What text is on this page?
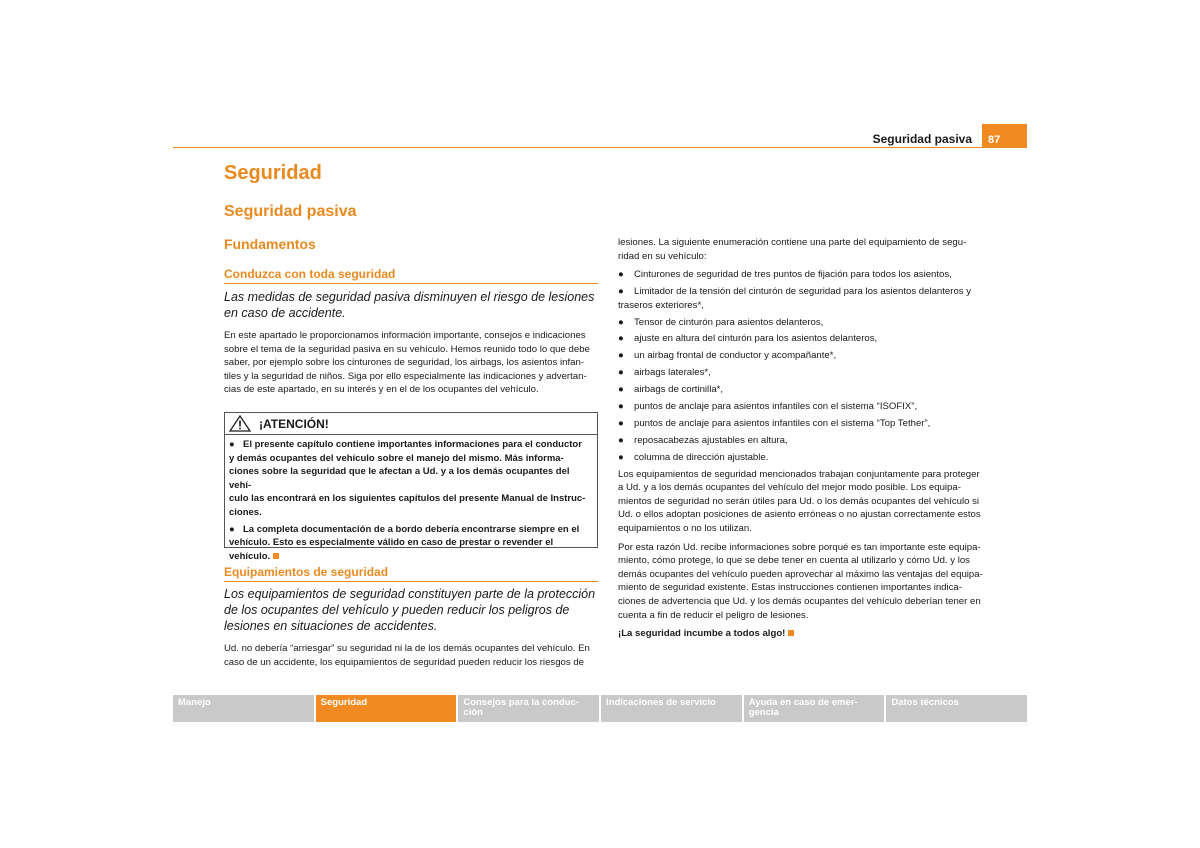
Seguridad pasiva	87
Seguridad
Seguridad pasiva
Fundamentos
Conduzca con toda seguridad
Las medidas de seguridad pasiva disminuyen el riesgo de lesiones en caso de accidente.
En este apartado le proporcionamos información importante, consejos e indicaciones
sobre el tema de la seguridad pasiva en su vehículo. Hemos reunido todo lo que debe
saber, por ejemplo sobre los cinturones de seguridad, los airbags, los asientos infan-
tiles y la seguridad de niños. Siga por ello especialmente las indicaciones y advertan-
cias de este apartado, en su interés y en el de los ocupantes del vehículo.
¡ATENCIÓN!

● El presente capítulo contiene importantes informaciones para el conductor
y demás ocupantes del vehículo sobre el manejo del mismo. Más informa-
ciones sobre la seguridad que le afectan a Ud. y a los demás ocupantes del vehí-
culo las encontrará en los siguientes capítulos del presente Manual de Instruc-
ciones.

● La completa documentación de a bordo debería encontrarse siempre en el
vehículo. Esto es especialmente válido en caso de prestar o revender el
vehículo.

Equipamientos de seguridad
Los equipamientos de seguridad constituyen parte de la protección de los ocupantes del vehículo y pueden reducir los peligros de lesiones en situaciones de accidentes.
Ud. no debería “arriesgar” su seguridad ni la de los demás ocupantes del vehículo. En
caso de un accidente, los equipamientos de seguridad pueden reducir los riesgos de

lesiones. La siguiente enumeración contiene una parte del equipamiento de segu-
ridad en su vehículo:

● Cinturones de seguridad de tres puntos de fijación para todos los asientos,
● Limitador de la tensión del cinturón de seguridad para los asientos delanteros y traseros exteriores*,
● Tensor de cinturón para asientos delanteros,
● ajuste en altura del cinturón para los asientos delanteros,
● un airbag frontal de conductor y acompañante*,
● airbags laterales*,
● airbags de cortinilla*,
● puntos de anclaje para asientos infantiles con el sistema “ISOFIX”,
● puntos de anclaje para asientos infantiles con el sistema “Top Tether”,
● reposacabezas ajustables en altura,
● columna de dirección ajustable.

Los equipamientos de seguridad mencionados trabajan conjuntamente para proteger
a Ud. y a los demás ocupantes del vehículo del mejor modo posible. Los equipa-
mientos de seguridad no serán útiles para Ud. o los demás ocupantes del vehículo si
Ud. o ellos adoptan posiciones de asiento erróneas o no ajustan correctamente estos
equipamientos o no los utilizan.

Por esta razón Ud. recibe informaciones sobre porqué es tan importante este equipa-
miento, cómo protege, lo que se debe tener en cuenta al utilizarlo y cómo Ud. y los
demás ocupantes del vehículo pueden aprovechar al máximo las ventajas del equipa-
miento de seguridad existente. Estas instrucciones contienen importantes indica-
ciones de advertencia que Ud. y los demás ocupantes del vehículo deberían tener en
cuenta a fin de reducir el peligro de lesiones.

¡La seguridad incumbe a todos algo!

Manejo	Seguridad	Consejos para la conduc-
ción
Indicaciones de servicio	Ayuda en caso de emer-
gencia
Datos técnicos
